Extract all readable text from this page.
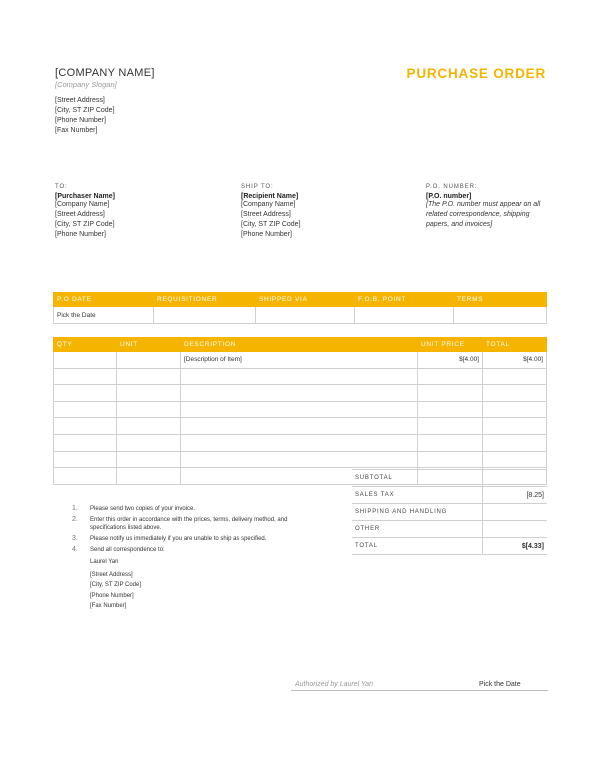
[COMPANY NAME]
[Company Slogan]
[Street Address]
[City, ST ZIP Code]
[Phone Number]
[Fax Number]
PURCHASE ORDER
TO:
[Purchaser Name]
[Company Name]
[Street Address]
[City, ST ZIP Code]
[Phone Number]
SHIP TO:
[Recipient Name]
[Company Name]
[Street Address]
[City, ST ZIP Code]
[Phone Number]
P.O. NUMBER:
[P.O. number]
[The P.O. number must appear on all related correspondence, shipping papers, and invoices]
P.O DATE	REQUISITIONER	SHIPPED VIA	F.O.B. POINT	TERMS
Pick the Date				
QTY	UNIT	DESCRIPTION	UNIT PRICE	TOTAL
		[Description of Item]	$[4.00]	$[4.00]

SUBTOTAL	
SALES TAX	[8.25]
SHIPPING AND HANDLING	
OTHER	
TOTAL	$[4.33]
1. Please send two copies of your invoice.
2. Enter this order in accordance with the prices, terms, delivery method, and specifications listed above.
3. Please notify us immediately if you are unable to ship as specified.
4. Send all correspondence to:
Laurel Yan
[Street Address]
[City, ST ZIP Code]
[Phone Number]
[Fax Number]
Authorized by Laurel Yan	Pick the Date
